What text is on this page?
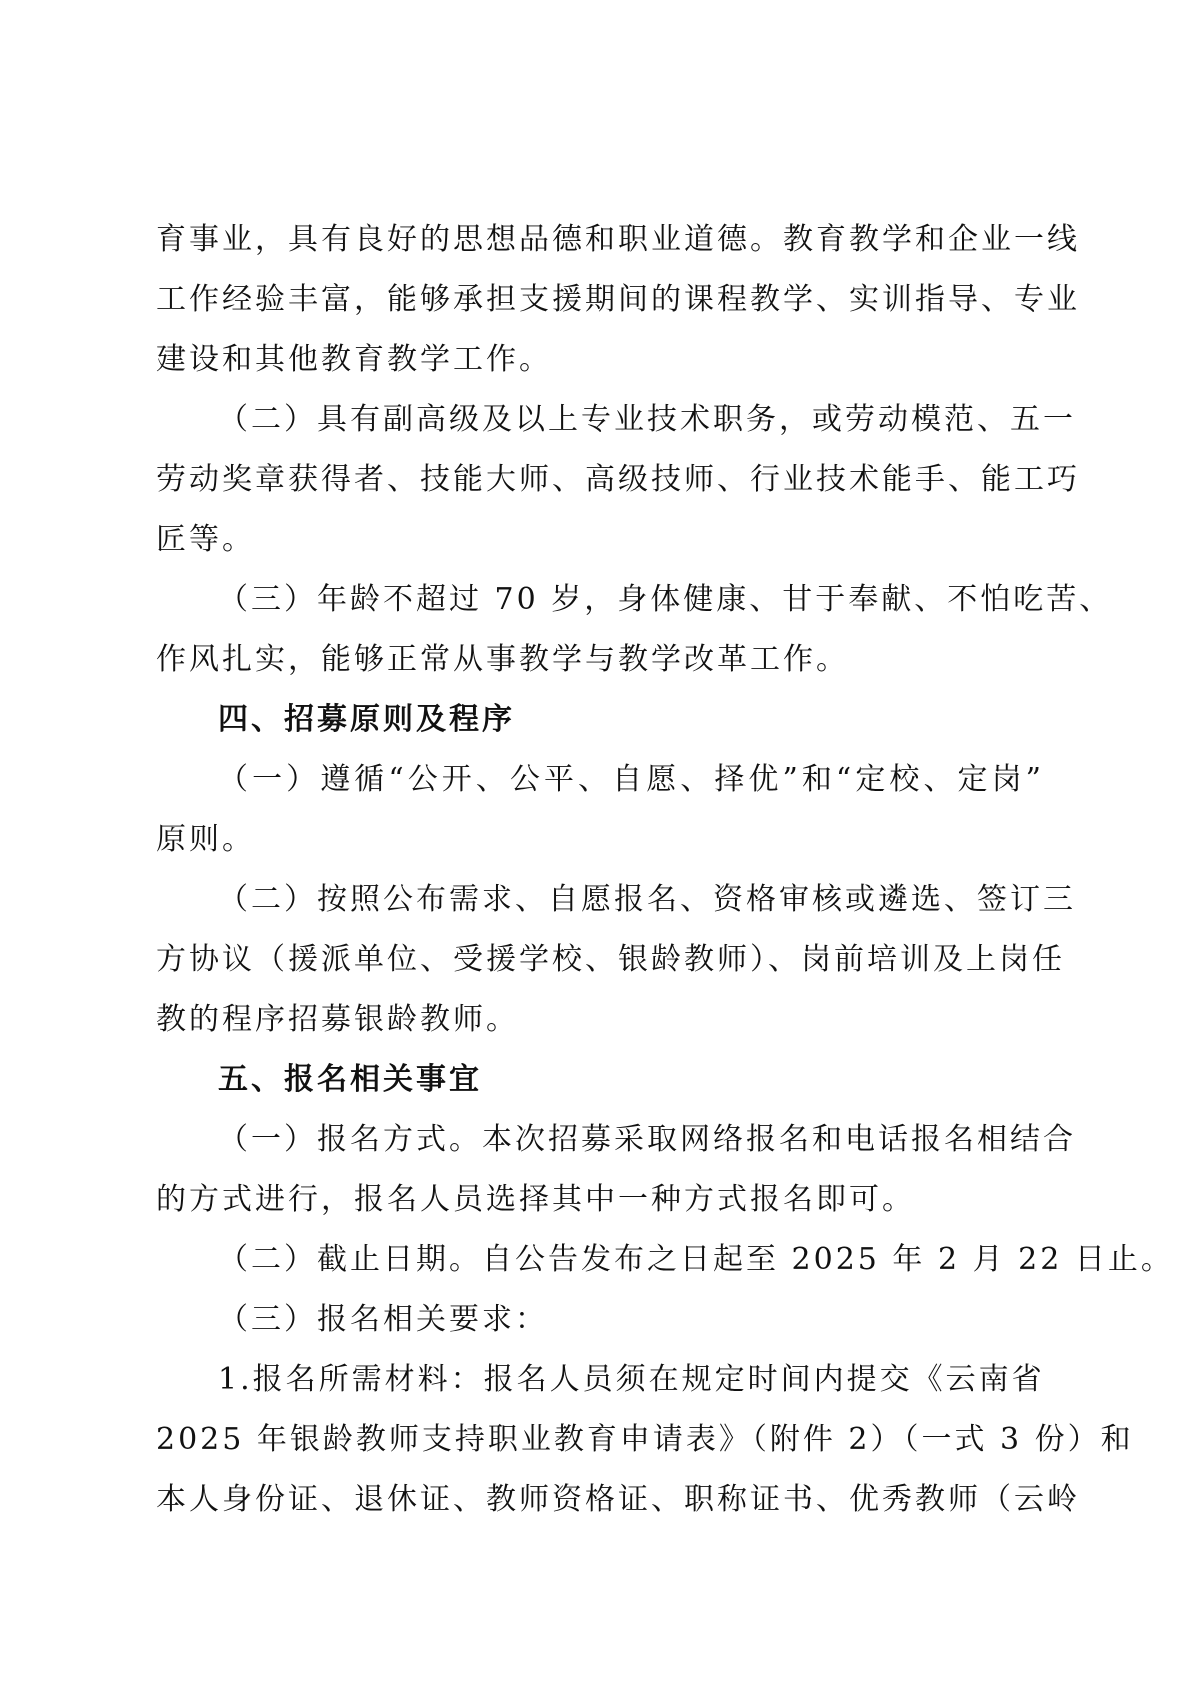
育事业，具有良好的思想品德和职业道德。教育教学和企业一线
工作经验丰富，能够承担支援期间的课程教学、实训指导、专业
建设和其他教育教学工作。
（二）具有副高级及以上专业技术职务，或劳动模范、五一
劳动奖章获得者、技能大师、高级技师、行业技术能手、能工巧
匠等。
（三）年龄不超过 70 岁，身体健康、甘于奉献、不怕吃苦、
作风扎实，能够正常从事教学与教学改革工作。
四、招募原则及程序
（一）遵循“公开、公平、自愿、择优”和“定校、定岗”
原则。
（二）按照公布需求、自愿报名、资格审核或遴选、签订三
方协议（援派单位、受援学校、银龄教师）、岗前培训及上岗任
教的程序招募银龄教师。
五、报名相关事宜
（一）报名方式。本次招募采取网络报名和电话报名相结合
的方式进行，报名人员选择其中一种方式报名即可。
（二）截止日期。自公告发布之日起至 2025 年 2 月 22 日止。
（三）报名相关要求：
1.报名所需材料：报名人员须在规定时间内提交《云南省
2025 年银龄教师支持职业教育申请表》（附件 2）（一式 3 份）和
本人身份证、退休证、教师资格证、职称证书、优秀教师（云岭
